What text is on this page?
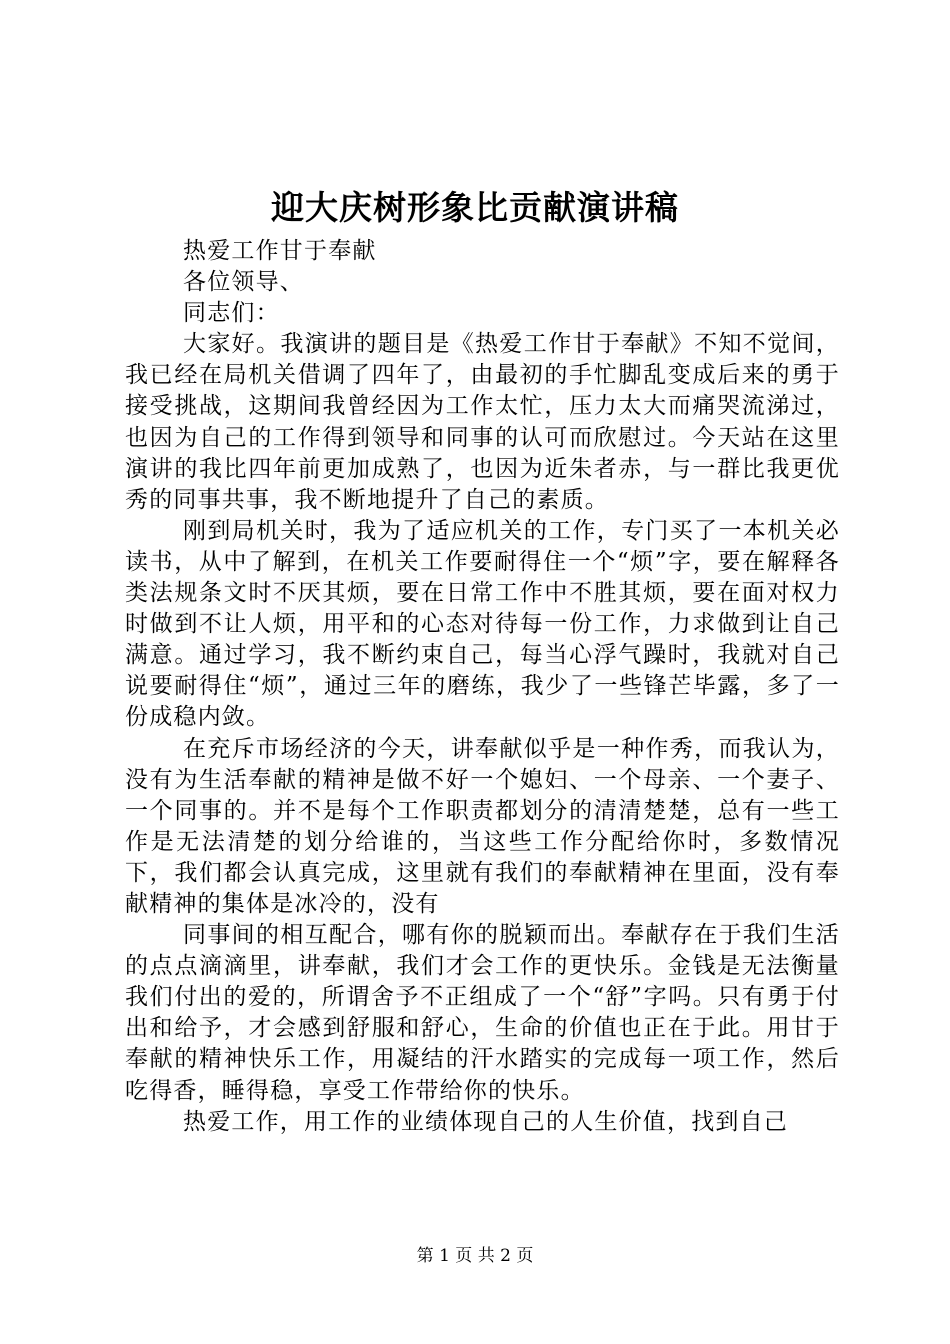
迎大庆树形象比贡献演讲稿

热爱工作甘于奉献

各位领导、

同志们：

大家好。我演讲的题目是《热爱工作甘于奉献》不知不觉间，我已经在局机关借调了四年了，由最初的手忙脚乱变成后来的勇于接受挑战，这期间我曾经因为工作太忙，压力太大而痛哭流涕过，也因为自己的工作得到领导和同事的认可而欣慰过。今天站在这里演讲的我比四年前更加成熟了，也因为近朱者赤，与一群比我更优秀的同事共事，我不断地提升了自己的素质。

刚到局机关时，我为了适应机关的工作，专门买了一本机关必读书，从中了解到，在机关工作要耐得住一个“烦”字，要在解释各类法规条文时不厌其烦，要在日常工作中不胜其烦，要在面对权力时做到不让人烦，用平和的心态对待每一份工作，力求做到让自己满意。通过学习，我不断约束自己，每当心浮气躁时，我就对自己说要耐得住“烦”，通过三年的磨练，我少了一些锋芒毕露，多了一份成稳内敛。

在充斥市场经济的今天，讲奉献似乎是一种作秀，而我认为，没有为生活奉献的精神是做不好一个媳妇、一个母亲、一个妻子、一个同事的。并不是每个工作职责都划分的清清楚楚，总有一些工作是无法清楚的划分给谁的，当这些工作分配给你时，多数情况下，我们都会认真完成，这里就有我们的奉献精神在里面，没有奉献精神的集体是冰冷的，没有

同事间的相互配合，哪有你的脱颖而出。奉献存在于我们生活的点点滴滴里，讲奉献，我们才会工作的更快乐。金钱是无法衡量我们付出的爱的，所谓舍予不正组成了一个“舒”字吗。只有勇于付出和给予，才会感到舒服和舒心，生命的价值也正在于此。用甘于奉献的精神快乐工作，用凝结的汗水踏实的完成每一项工作，然后吃得香，睡得稳，享受工作带给你的快乐。

热爱工作，用工作的业绩体现自己的人生价值，找到自己

第 1 页 共 2 页
